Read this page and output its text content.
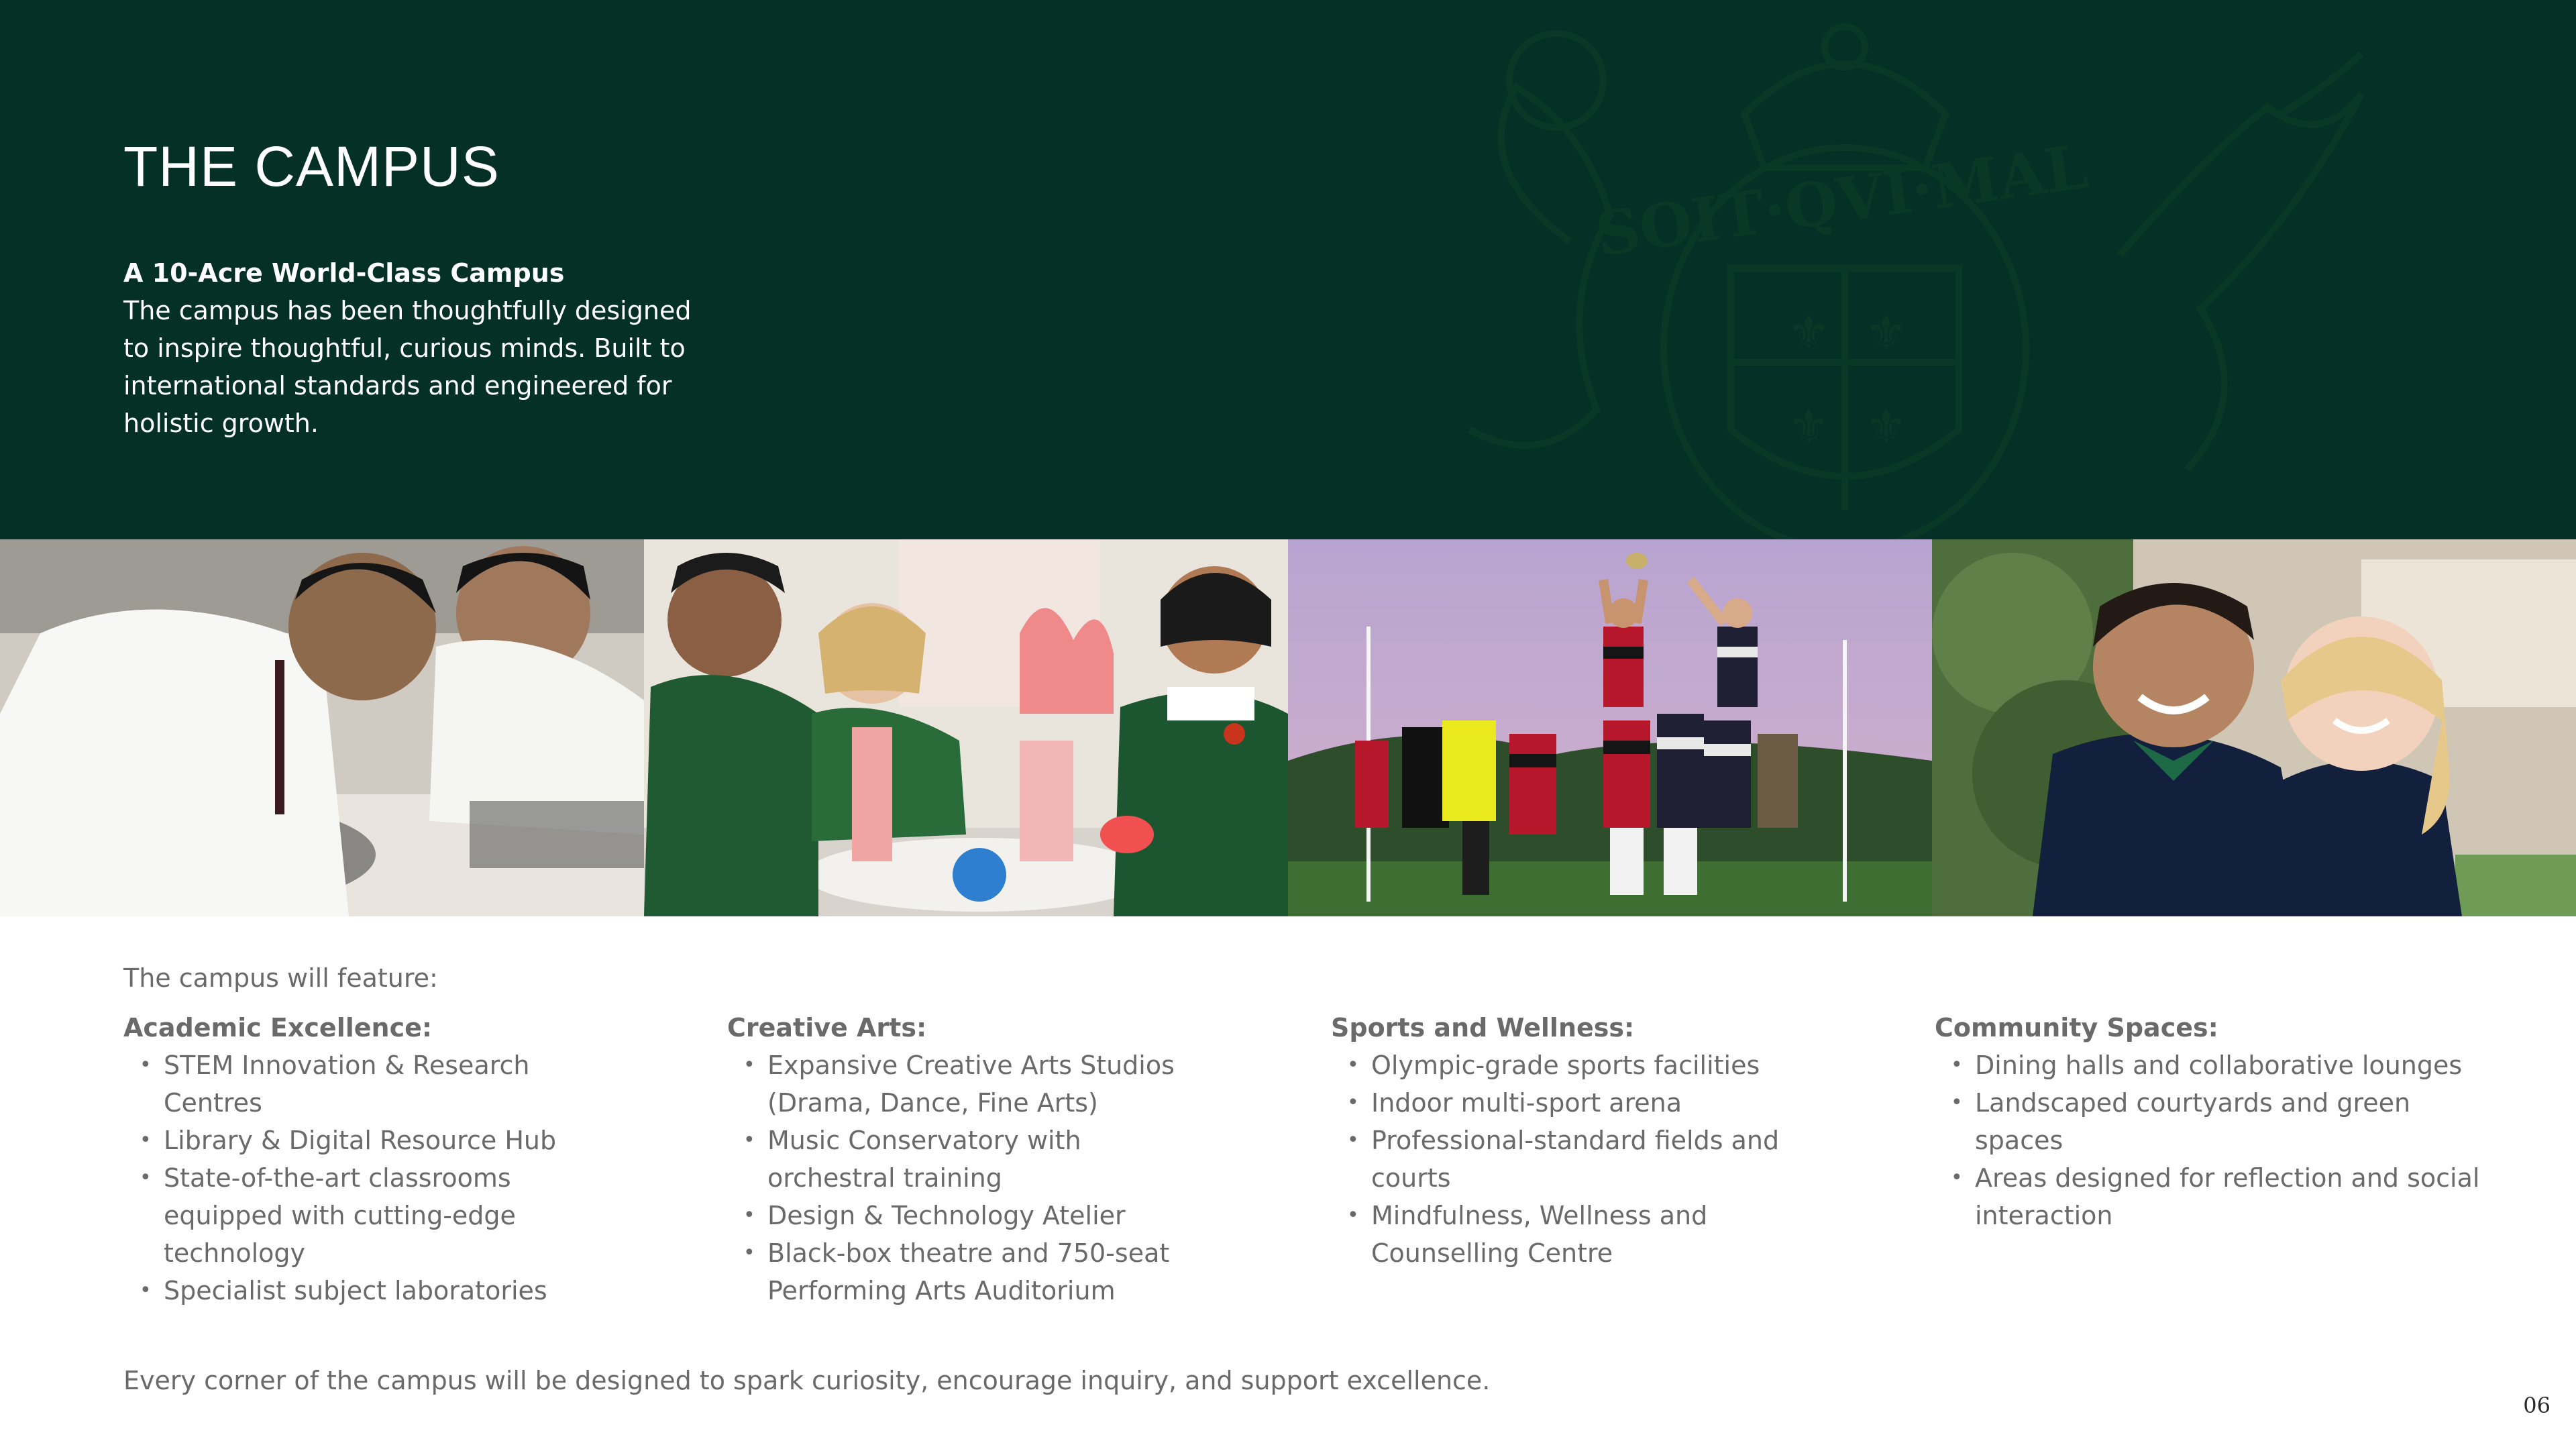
SOIT·QVI·MAL
⚜ ⚜
⚜ ⚜
THE CAMPUS
A 10-Acre World-Class Campus
The campus has been thoughtfully designed to inspire thoughtful, curious minds. Built to international standards and engineered for holistic growth.

The campus will feature:

Academic Excellence:

• STEM Innovation & Research Centres
• Library & Digital Resource Hub
• State-of-the-art classrooms equipped with cutting-edge technology
• Specialist subject laboratories

Creative Arts:

• Expansive Creative Arts Studios (Drama, Dance, Fine Arts)
• Music Conservatory with orchestral training
• Design & Technology Atelier
• Black-box theatre and 750-seat Performing Arts Auditorium

Sports and Wellness:

• Olympic-grade sports facilities
• Indoor multi-sport arena
• Professional-standard fields and courts
• Mindfulness, Wellness and Counselling Centre

Community Spaces:

• Dining halls and collaborative lounges
• Landscaped courtyards and green spaces
• Areas designed for reflection and social interaction

Every corner of the campus will be designed to spark curiosity, encourage inquiry, and support excellence.

06
